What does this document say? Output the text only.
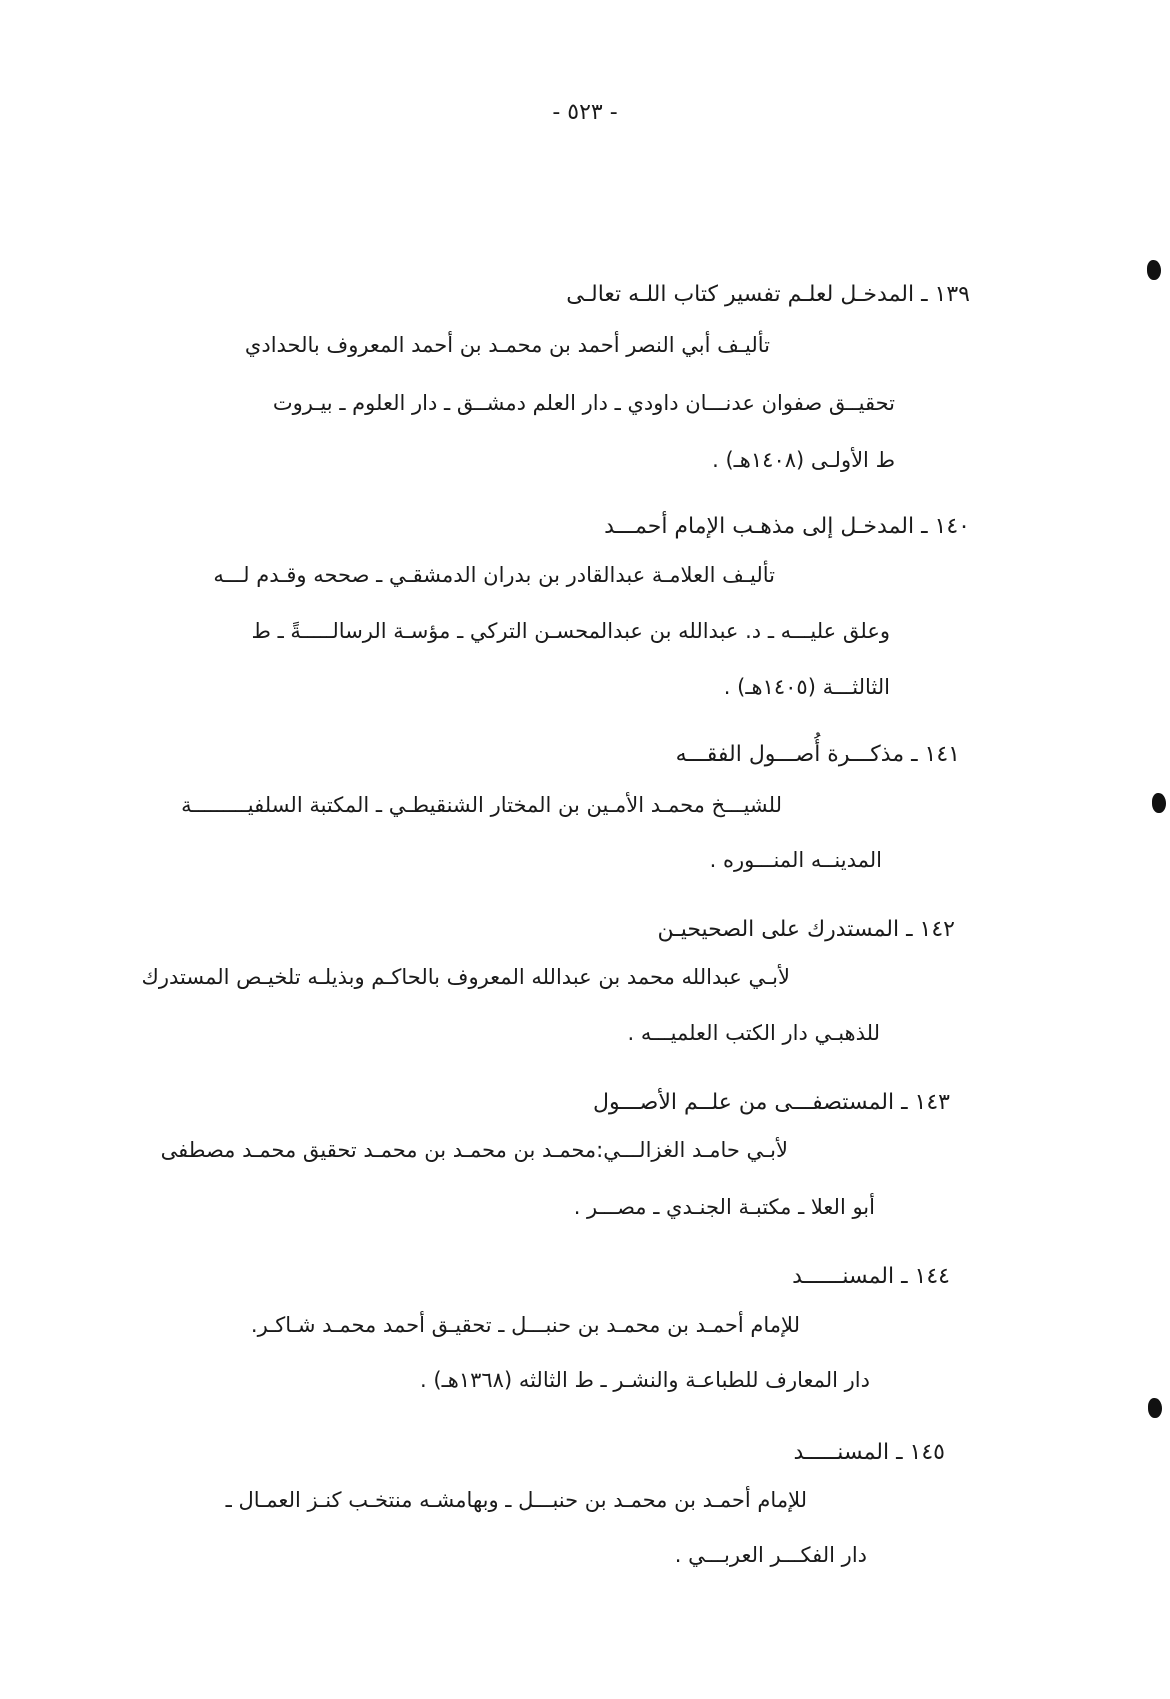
- ٥٢٣ -
١٣٩ ـ المدخـل لعلـم تفسير كتاب اللـه تعالـى
تأليـف أبي النصر أحمد بن محمـد بن أحمد المعروف بالحدادي
تحقيــق صفوان عدنـــان داودي ـ دار العلم دمشــق ـ دار العلوم ـ بيـروت
ط الأولـى (١٤٠٨هـ) .
١٤٠ ـ المدخـل إلى مذهـب الإمام أحمـــد
تأليـف العلامـة عبدالقادر بن بدران الدمشقـي ـ صححه وقـدم لـــه
وعلق عليـــه ـ د. عبدالله بن عبدالمحسـن التركي ـ مؤسـة الرسالـــــةً ـ ط
الثالثـــة (١٤٠٥هـ) .
١٤١ ـ مذكـــرة أُصـــول الفقـــه
للشيـــخ محمـد الأمـين بن المختار الشنقيطـي ـ المكتبة السلفيـــــــــة
المدينــه المنـــوره .
١٤٢ ـ المستدرك على الصحيحيـن
لأبـي عبدالله محمد بن عبدالله المعروف بالحاكـم وبذيلـه تلخيـص المستدرك
للذهبـي دار الكتب العلميـــه .
١٤٣ ـ المستصفـــى من علــم الأصـــول
لأبـي حامـد الغزالـــي:محمـد بن محمـد بن محمـد تحقيق محمـد مصطفى
أبو العلا ـ مكتبـة الجنـدي ـ مصـــر .
١٤٤ ـ المسنــــــد
للإمام أحمـد بن محمـد بن حنبـــل ـ تحقيـق أحمد محمـد شـاكـر.
دار المعارف للطباعـة والنشـر ـ ط الثالثه (١٣٦٨هـ) .
١٤٥ ـ المسنـــــد
للإمام أحمـد بن محمـد بن حنبـــل ـ وبهامشـه منتخـب كنـز العمـال ـ
دار الفكـــر العربـــي .
